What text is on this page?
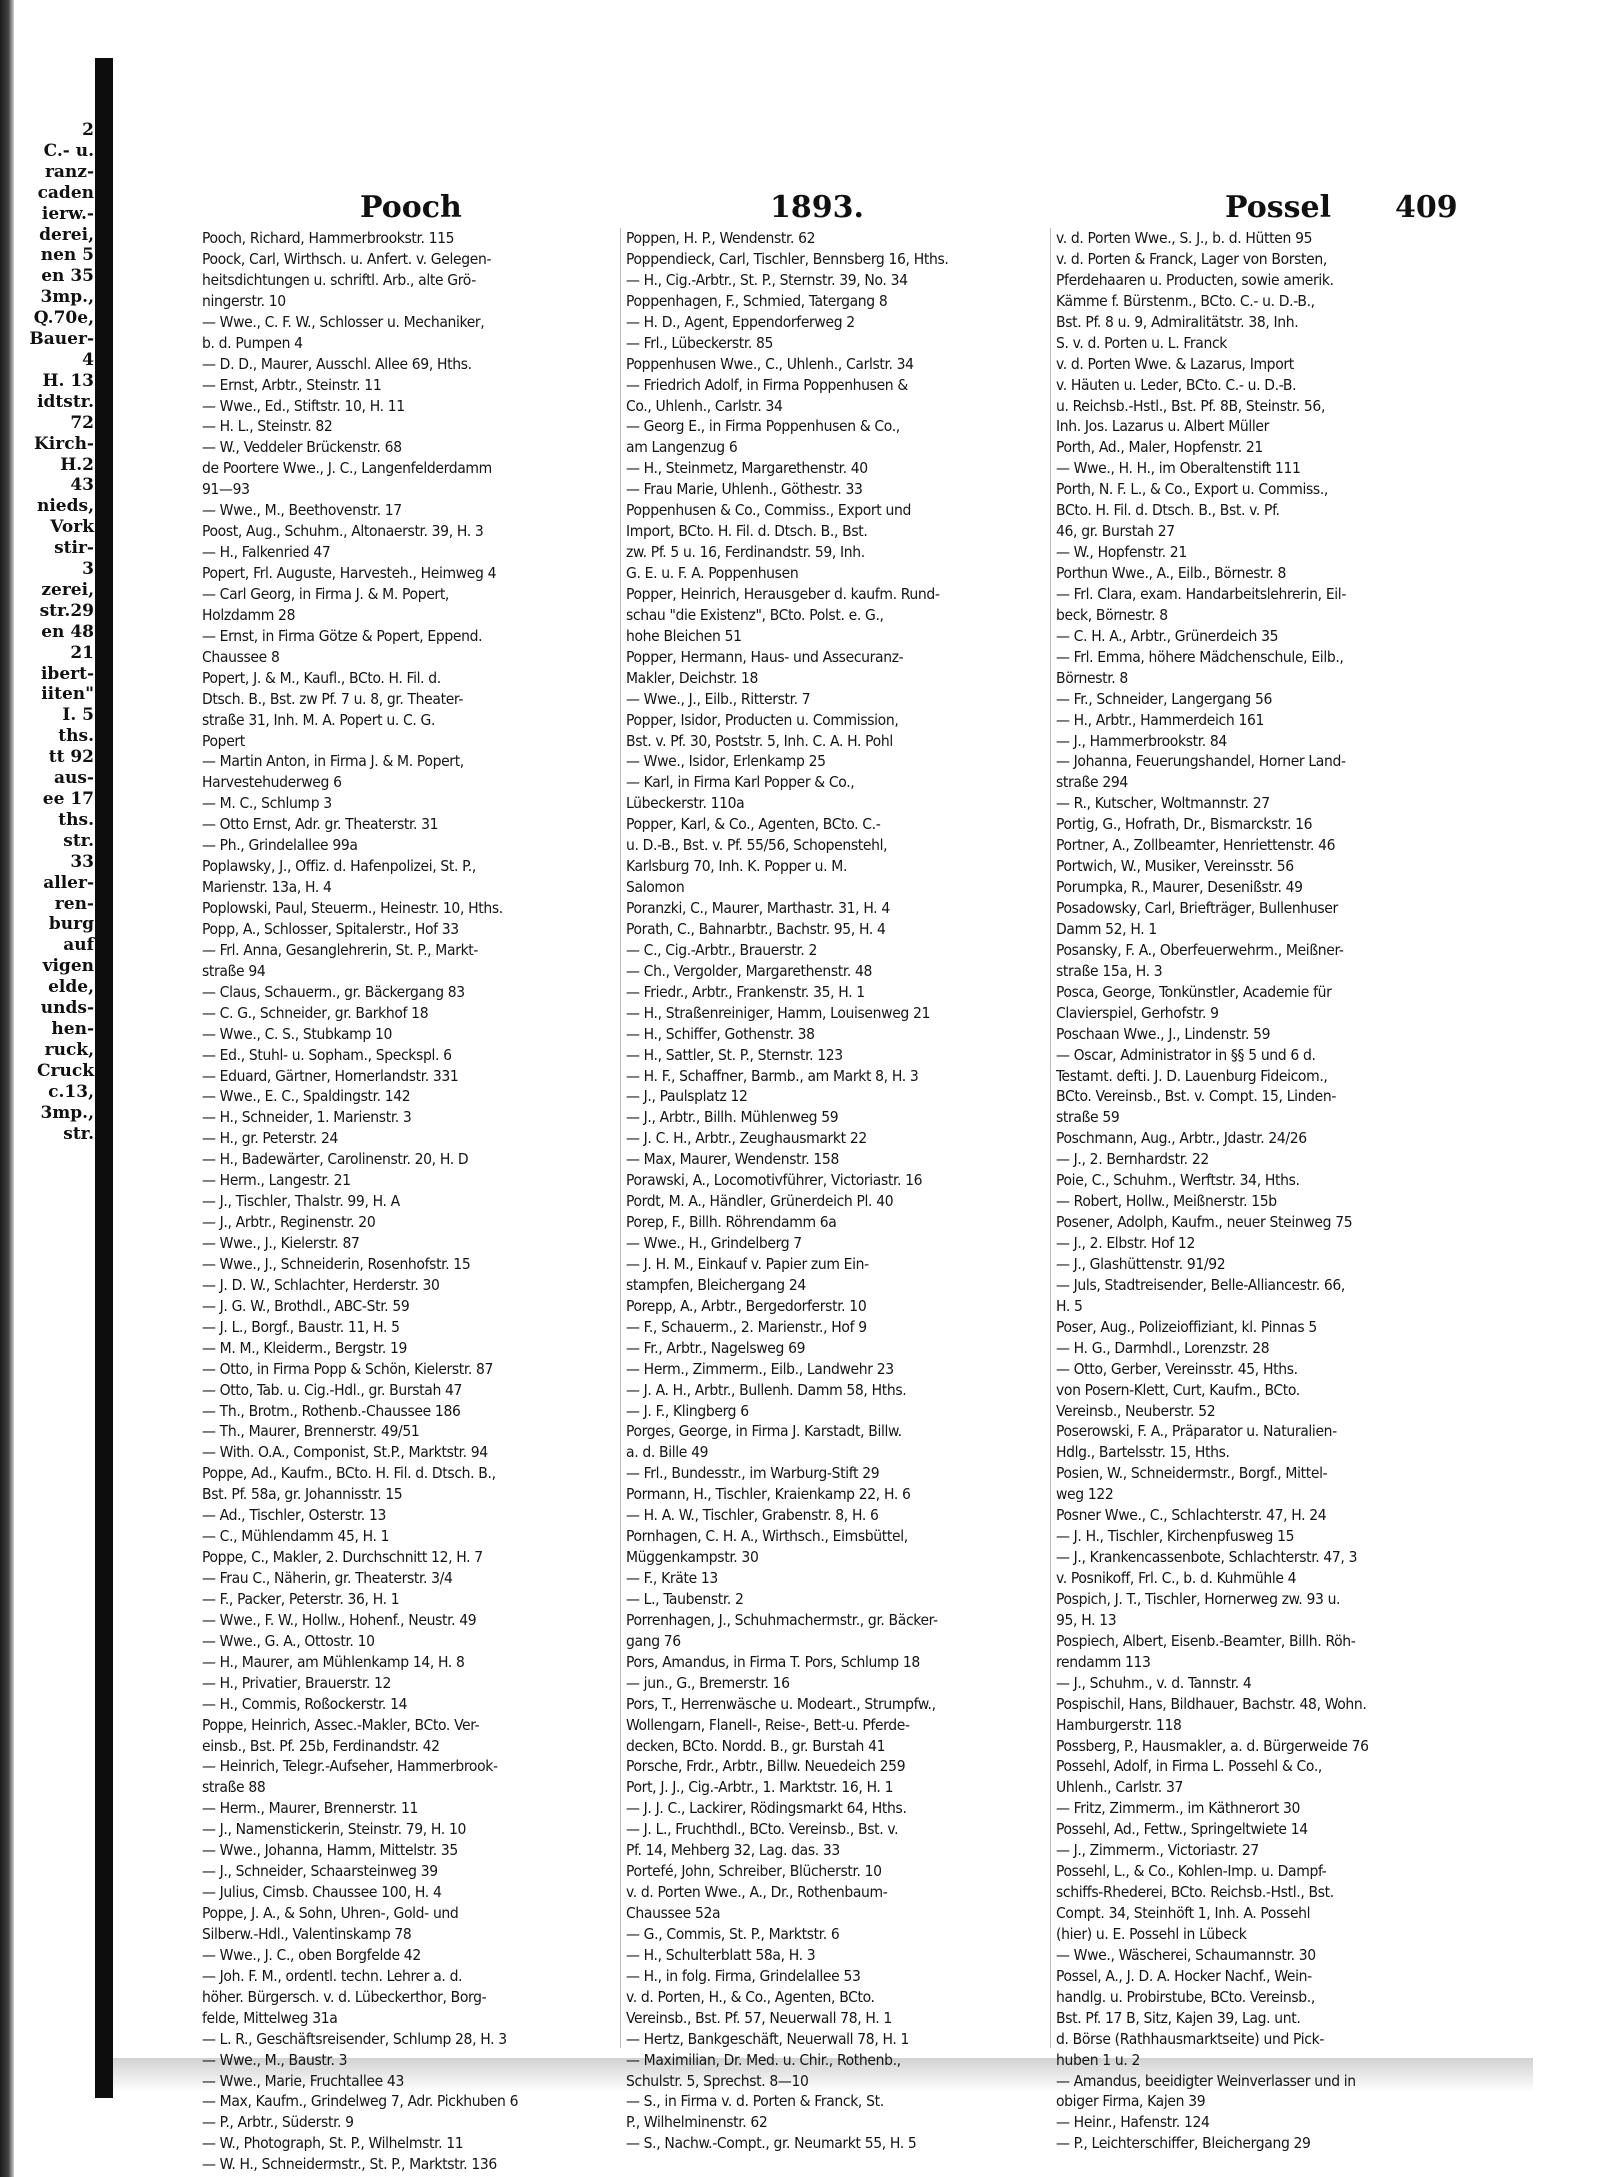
2
C.- u.
ranz-
caden
ierw.-
derei,
nen 5
en 35
3mp.,
Q.70e,
Bauer-
4
H. 13
idtstr.
72
Kirch-
H.2
43
nieds,
Vork
stir-
3
zerei,
str.29
en 48
21
ibert-
iiten"
I. 5
ths.
tt 92
aus-
ee 17
ths.
str.
33
aller-
ren-
burg
auf
vigen
elde,
unds-
hen-
ruck,
Cruck
c.13,
3mp.,
str.
Pooch	1893.	Possel 409
Pooch, Richard, Hammerbrookstr. 115
Poock, Carl, Wirthsch. u. Anfert. v. Gelegen-
heitsdichtungen u. schriftl. Arb., alte Grö-
ningerstr. 10
— Wwe., C. F. W., Schlosser u. Mechaniker,
b. d. Pumpen 4
— D. D., Maurer, Ausschl. Allee 69, Hths.
— Ernst, Arbtr., Steinstr. 11
— Wwe., Ed., Stiftstr. 10, H. 11
— H. L., Steinstr. 82
— W., Veddeler Brückenstr. 68
de Poortere Wwe., J. C., Langenfelderdamm
91—93
— Wwe., M., Beethovenstr. 17
Poost, Aug., Schuhm., Altonaerstr. 39, H. 3
— H., Falkenried 47
Popert, Frl. Auguste, Harvesteh., Heimweg 4
— Carl Georg, in Firma J. & M. Popert,
Holzdamm 28
— Ernst, in Firma Götze & Popert, Eppend.
Chaussee 8
Popert, J. & M., Kaufl., BCto. H. Fil. d.
Dtsch. B., Bst. zw Pf. 7 u. 8, gr. Theater-
straße 31, Inh. M. A. Popert u. C. G.
Popert
— Martin Anton, in Firma J. & M. Popert,
Harvestehuderweg 6
— M. C., Schlump 3
— Otto Ernst, Adr. gr. Theaterstr. 31
— Ph., Grindelallee 99a
Poplawsky, J., Offiz. d. Hafenpolizei, St. P.,
Marienstr. 13a, H. 4
Poplowski, Paul, Steuerm., Heinestr. 10, Hths.
Popp, A., Schlosser, Spitalerstr., Hof 33
— Frl. Anna, Gesanglehrerin, St. P., Markt-
straße 94
— Claus, Schauerm., gr. Bäckergang 83
— C. G., Schneider, gr. Barkhof 18
— Wwe., C. S., Stubkamp 10
— Ed., Stuhl- u. Sopham., Speckspl. 6
— Eduard, Gärtner, Hornerlandstr. 331
— Wwe., E. C., Spaldingstr. 142
— H., Schneider, 1. Marienstr. 3
— H., gr. Peterstr. 24
— H., Badewärter, Carolinenstr. 20, H. D
— Herm., Langestr. 21
— J., Tischler, Thalstr. 99, H. A
— J., Arbtr., Reginenstr. 20
— Wwe., J., Kielerstr. 87
— Wwe., J., Schneiderin, Rosenhofstr. 15
— J. D. W., Schlachter, Herderstr. 30
— J. G. W., Brothdl., ABC-Str. 59
— J. L., Borgf., Baustr. 11, H. 5
— M. M., Kleiderm., Bergstr. 19
— Otto, in Firma Popp & Schön, Kielerstr. 87
— Otto, Tab. u. Cig.-Hdl., gr. Burstah 47
— Th., Brotm., Rothenb.-Chaussee 186
— Th., Maurer, Brennerstr. 49/51
— With. O.A., Componist, St.P., Marktstr. 94
Poppe, Ad., Kaufm., BCto. H. Fil. d. Dtsch. B.,
Bst. Pf. 58a, gr. Johannisstr. 15
— Ad., Tischler, Osterstr. 13
— C., Mühlendamm 45, H. 1
Poppe, C., Makler, 2. Durchschnitt 12, H. 7
— Frau C., Näherin, gr. Theaterstr. 3/4
— F., Packer, Peterstr. 36, H. 1
— Wwe., F. W., Hollw., Hohenf., Neustr. 49
— Wwe., G. A., Ottostr. 10
— H., Maurer, am Mühlenkamp 14, H. 8
— H., Privatier, Brauerstr. 12
— H., Commis, Roßockerstr. 14
Poppe, Heinrich, Assec.-Makler, BCto. Ver-
einsb., Bst. Pf. 25b, Ferdinandstr. 42
— Heinrich, Telegr.-Aufseher, Hammerbrook-
straße 88
— Herm., Maurer, Brennerstr. 11
— J., Namenstickerin, Steinstr. 79, H. 10
— Wwe., Johanna, Hamm, Mittelstr. 35
— J., Schneider, Schaarsteinweg 39
— Julius, Cimsb. Chaussee 100, H. 4
Poppe, J. A., & Sohn, Uhren-, Gold- und
Silberw.-Hdl., Valentinskamp 78
— Wwe., J. C., oben Borgfelde 42
— Joh. F. M., ordentl. techn. Lehrer a. d.
höher. Bürgersch. v. d. Lübeckerthor, Borg-
felde, Mittelweg 31a
— L. R., Geschäftsreisender, Schlump 28, H. 3
— Wwe., M., Baustr. 3
— Wwe., Marie, Fruchtallee 43
— Max, Kaufm., Grindelweg 7, Adr. Pickhuben 6
— P., Arbtr., Süderstr. 9
— W., Photograph, St. P., Wilhelmstr. 11
— W. H., Schneidermstr., St. P., Marktstr. 136
Poppen, H. P., Wendenstr. 62
Poppendieck, Carl, Tischler, Bennsberg 16, Hths.
— H., Cig.-Arbtr., St. P., Sternstr. 39, No. 34
Poppenhagen, F., Schmied, Tatergang 8
— H. D., Agent, Eppendorferweg 2
— Frl., Lübeckerstr. 85
Poppenhusen Wwe., C., Uhlenh., Carlstr. 34
— Friedrich Adolf, in Firma Poppenhusen &
Co., Uhlenh., Carlstr. 34
— Georg E., in Firma Poppenhusen & Co.,
am Langenzug 6
— H., Steinmetz, Margarethenstr. 40
— Frau Marie, Uhlenh., Göthestr. 33
Poppenhusen & Co., Commiss., Export und
Import, BCto. H. Fil. d. Dtsch. B., Bst.
zw. Pf. 5 u. 16, Ferdinandstr. 59, Inh.
G. E. u. F. A. Poppenhusen
Popper, Heinrich, Herausgeber d. kaufm. Rund-
schau "die Existenz", BCto. Polst. e. G.,
hohe Bleichen 51
Popper, Hermann, Haus- und Assecuranz-
Makler, Deichstr. 18
— Wwe., J., Eilb., Ritterstr. 7
Popper, Isidor, Producten u. Commission,
Bst. v. Pf. 30, Poststr. 5, Inh. C. A. H. Pohl
— Wwe., Isidor, Erlenkamp 25
— Karl, in Firma Karl Popper & Co.,
Lübeckerstr. 110a
Popper, Karl, & Co., Agenten, BCto. C.-
u. D.-B., Bst. v. Pf. 55/56, Schopenstehl,
Karlsburg 70, Inh. K. Popper u. M.
Salomon
Poranzki, C., Maurer, Marthastr. 31, H. 4
Porath, C., Bahnarbtr., Bachstr. 95, H. 4
— C., Cig.-Arbtr., Brauerstr. 2
— Ch., Vergolder, Margarethenstr. 48
— Friedr., Arbtr., Frankenstr. 35, H. 1
— H., Straßenreiniger, Hamm, Louisenweg 21
— H., Schiffer, Gothenstr. 38
— H., Sattler, St. P., Sternstr. 123
— H. F., Schaffner, Barmb., am Markt 8, H. 3
— J., Paulsplatz 12
— J., Arbtr., Billh. Mühlenweg 59
— J. C. H., Arbtr., Zeughausmarkt 22
— Max, Maurer, Wendenstr. 158
Porawski, A., Locomotivführer, Victoriastr. 16
Pordt, M. A., Händler, Grünerdeich Pl. 40
Porep, F., Billh. Röhrendamm 6a
— Wwe., H., Grindelberg 7
— J. H. M., Einkauf v. Papier zum Ein-
stampfen, Bleichergang 24
Porepp, A., Arbtr., Bergedorferstr. 10
— F., Schauerm., 2. Marienstr., Hof 9
— Fr., Arbtr., Nagelsweg 69
— Herm., Zimmerm., Eilb., Landwehr 23
— J. A. H., Arbtr., Bullenh. Damm 58, Hths.
— J. F., Klingberg 6
Porges, George, in Firma J. Karstadt, Billw.
a. d. Bille 49
— Frl., Bundesstr., im Warburg-Stift 29
Pormann, H., Tischler, Kraienkamp 22, H. 6
— H. A. W., Tischler, Grabenstr. 8, H. 6
Pornhagen, C. H. A., Wirthsch., Eimsbüttel,
Müggenkampstr. 30
— F., Kräte 13
— L., Taubenstr. 2
Porrenhagen, J., Schuhmachermstr., gr. Bäcker-
gang 76
Pors, Amandus, in Firma T. Pors, Schlump 18
— jun., G., Bremerstr. 16
Pors, T., Herrenwäsche u. Modeart., Strumpfw.,
Wollengarn, Flanell-, Reise-, Bett-u. Pferde-
decken, BCto. Nordd. B., gr. Burstah 41
Porsche, Frdr., Arbtr., Billw. Neuedeich 259
Port, J. J., Cig.-Arbtr., 1. Marktstr. 16, H. 1
— J. J. C., Lackirer, Rödingsmarkt 64, Hths.
— J. L., Fruchthdl., BCto. Vereinsb., Bst. v.
Pf. 14, Mehberg 32, Lag. das. 33
Portefé, John, Schreiber, Blücherstr. 10
v. d. Porten Wwe., A., Dr., Rothenbaum-
Chaussee 52a
— G., Commis, St. P., Marktstr. 6
— H., Schulterblatt 58a, H. 3
— H., in folg. Firma, Grindelallee 53
v. d. Porten, H., & Co., Agenten, BCto.
Vereinsb., Bst. Pf. 57, Neuerwall 78, H. 1
— Hertz, Bankgeschäft, Neuerwall 78, H. 1
— Maximilian, Dr. Med. u. Chir., Rothenb.,
Schulstr. 5, Sprechst. 8—10
— S., in Firma v. d. Porten & Franck, St.
P., Wilhelminenstr. 62
— S., Nachw.-Compt., gr. Neumarkt 55, H. 5
v. d. Porten Wwe., S. J., b. d. Hütten 95
v. d. Porten & Franck, Lager von Borsten,
Pferdehaaren u. Producten, sowie amerik.
Kämme f. Bürstenm., BCto. C.- u. D.-B.,
Bst. Pf. 8 u. 9, Admiralitätstr. 38, Inh.
S. v. d. Porten u. L. Franck
v. d. Porten Wwe. & Lazarus, Import
v. Häuten u. Leder, BCto. C.- u. D.-B.
u. Reichsb.-Hstl., Bst. Pf. 8B, Steinstr. 56,
Inh. Jos. Lazarus u. Albert Müller
Porth, Ad., Maler, Hopfenstr. 21
— Wwe., H. H., im Oberaltenstift 111
Porth, N. F. L., & Co., Export u. Commiss.,
BCto. H. Fil. d. Dtsch. B., Bst. v. Pf.
46, gr. Burstah 27
— W., Hopfenstr. 21
Porthun Wwe., A., Eilb., Börnestr. 8
— Frl. Clara, exam. Handarbeitslehrerin, Eil-
beck, Börnestr. 8
— C. H. A., Arbtr., Grünerdeich 35
— Frl. Emma, höhere Mädchenschule, Eilb.,
Börnestr. 8
— Fr., Schneider, Langergang 56
— H., Arbtr., Hammerdeich 161
— J., Hammerbrookstr. 84
— Johanna, Feuerungshandel, Horner Land-
straße 294
— R., Kutscher, Woltmannstr. 27
Portig, G., Hofrath, Dr., Bismarckstr. 16
Portner, A., Zollbeamter, Henriettenstr. 46
Portwich, W., Musiker, Vereinsstr. 56
Porumpka, R., Maurer, Desenißstr. 49
Posadowsky, Carl, Briefträger, Bullenhuser
Damm 52, H. 1
Posansky, F. A., Oberfeuerwehrm., Meißner-
straße 15a, H. 3
Posca, George, Tonkünstler, Academie für
Clavierspiel, Gerhofstr. 9
Poschaan Wwe., J., Lindenstr. 59
— Oscar, Administrator in §§ 5 und 6 d.
Testamt. defti. J. D. Lauenburg Fideicom.,
BCto. Vereinsb., Bst. v. Compt. 15, Linden-
straße 59
Poschmann, Aug., Arbtr., Jdastr. 24/26
— J., 2. Bernhardstr. 22
Poie, C., Schuhm., Werftstr. 34, Hths.
— Robert, Hollw., Meißnerstr. 15b
Posener, Adolph, Kaufm., neuer Steinweg 75
— J., 2. Elbstr. Hof 12
— J., Glashüttenstr. 91/92
— Juls, Stadtreisender, Belle-Alliancestr. 66,
H. 5
Poser, Aug., Polizeioffiziant, kl. Pinnas 5
— H. G., Darmhdl., Lorenzstr. 28
— Otto, Gerber, Vereinsstr. 45, Hths.
von Posern-Klett, Curt, Kaufm., BCto.
Vereinsb., Neuberstr. 52
Poserowski, F. A., Präparator u. Naturalien-
Hdlg., Bartelsstr. 15, Hths.
Posien, W., Schneidermstr., Borgf., Mittel-
weg 122
Posner Wwe., C., Schlachterstr. 47, H. 24
— J. H., Tischler, Kirchenpfusweg 15
— J., Krankencassenbote, Schlachterstr. 47, 3
v. Posnikoff, Frl. C., b. d. Kuhmühle 4
Pospich, J. T., Tischler, Hornerweg zw. 93 u.
95, H. 13
Pospiech, Albert, Eisenb.-Beamter, Billh. Röh-
rendamm 113
— J., Schuhm., v. d. Tannstr. 4
Pospischil, Hans, Bildhauer, Bachstr. 48, Wohn.
Hamburgerstr. 118
Possberg, P., Hausmakler, a. d. Bürgerweide 76
Possehl, Adolf, in Firma L. Possehl & Co.,
Uhlenh., Carlstr. 37
— Fritz, Zimmerm., im Käthnerort 30
Possehl, Ad., Fettw., Springeltwiete 14
— J., Zimmerm., Victoriastr. 27
Possehl, L., & Co., Kohlen-Imp. u. Dampf-
schiffs-Rhederei, BCto. Reichsb.-Hstl., Bst.
Compt. 34, Steinhöft 1, Inh. A. Possehl
(hier) u. E. Possehl in Lübeck
— Wwe., Wäscherei, Schaumannstr. 30
Possel, A., J. D. A. Hocker Nachf., Wein-
handlg. u. Probirstube, BCto. Vereinsb.,
Bst. Pf. 17 B, Sitz, Kajen 39, Lag. unt.
d. Börse (Rathhausmarktseite) und Pick-
huben 1 u. 2
— Amandus, beeidigter Weinverlasser und in
obiger Firma, Kajen 39
— Heinr., Hafenstr. 124
— P., Leichterschiffer, Bleichergang 29
